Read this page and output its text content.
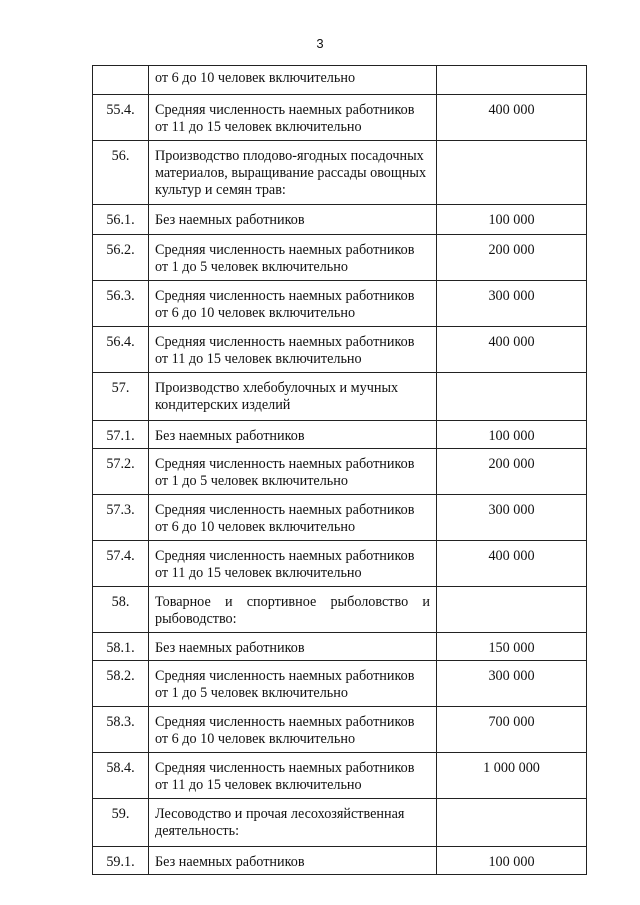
3
	от 6 до 10 человек включительно	
55.4.	Средняя численность наемных работников от 11 до 15 человек включительно	400 000
56.	Производство плодово-ягодных посадочных материалов, выращивание рассады овощных культур и семян трав:	
56.1.	Без наемных работников	100 000
56.2.	Средняя численность наемных работников от 1 до 5 человек включительно	200 000
56.3.	Средняя численность наемных работников от 6 до 10 человек включительно	300 000
56.4.	Средняя численность наемных работников от 11 до 15 человек включительно	400 000
57.	Производство хлебобулочных и мучных кондитерских изделий	
57.1.	Без наемных работников	100 000
57.2.	Средняя численность наемных работников от 1 до 5 человек включительно	200 000
57.3.	Средняя численность наемных работников от 6 до 10 человек включительно	300 000
57.4.	Средняя численность наемных работников от 11 до 15 человек включительно	400 000
58.	Товарное и спортивное рыболовство и рыбоводство:	
58.1.	Без наемных работников	150 000
58.2.	Средняя численность наемных работников от 1 до 5 человек включительно	300 000
58.3.	Средняя численность наемных работников от 6 до 10 человек включительно	700 000
58.4.	Средняя численность наемных работников от 11 до 15 человек включительно	1 000 000
59.	Лесоводство и прочая лесохозяйственная деятельность:	
59.1.	Без наемных работников	100 000
